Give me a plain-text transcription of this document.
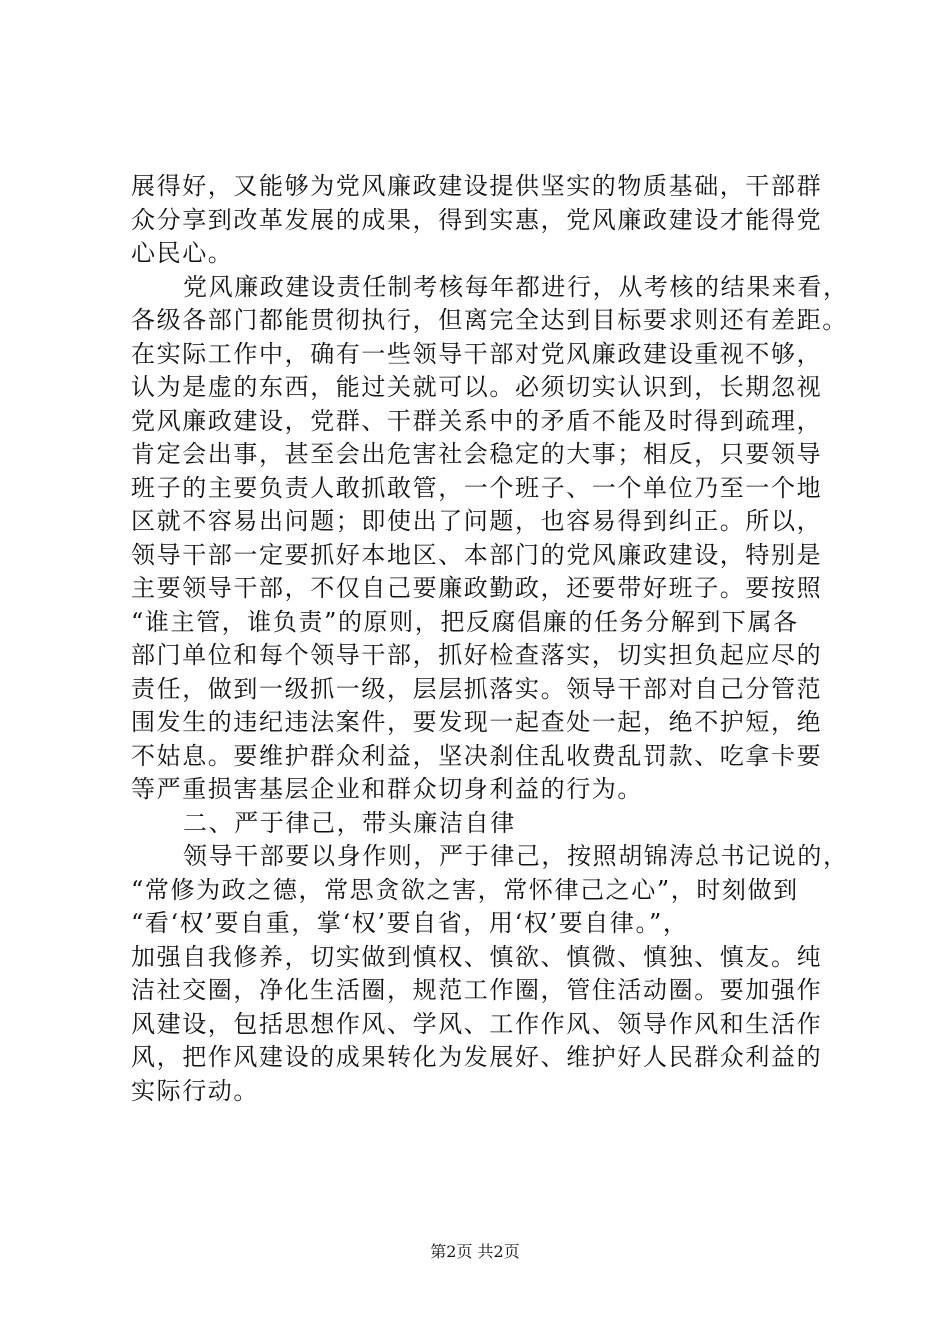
展得好，又能够为党风廉政建设提供坚实的物质基础，干部群
众分享到改革发展的成果，得到实惠，党风廉政建设才能得党
心民心。
党风廉政建设责任制考核每年都进行，从考核的结果来看，
各级各部门都能贯彻执行，但离完全达到目标要求则还有差距。
在实际工作中，确有一些领导干部对党风廉政建设重视不够，
认为是虚的东西，能过关就可以。必须切实认识到，长期忽视
党风廉政建设，党群、干群关系中的矛盾不能及时得到疏理，
肯定会出事，甚至会出危害社会稳定的大事；相反，只要领导
班子的主要负责人敢抓敢管，一个班子、一个单位乃至一个地
区就不容易出问题；即使出了问题，也容易得到纠正。所以，
领导干部一定要抓好本地区、本部门的党风廉政建设，特别是
主要领导干部，不仅自己要廉政勤政，还要带好班子。要按照
“谁主管，谁负责”的原则，把反腐倡廉的任务分解到下属各
部门单位和每个领导干部，抓好检查落实，切实担负起应尽的
责任，做到一级抓一级，层层抓落实。领导干部对自己分管范
围发生的违纪违法案件，要发现一起查处一起，绝不护短，绝
不姑息。要维护群众利益，坚决刹住乱收费乱罚款、吃拿卡要
等严重损害基层企业和群众切身利益的行为。
二、严于律己，带头廉洁自律
领导干部要以身作则，严于律己，按照胡锦涛总书记说的，
“常修为政之德，常思贪欲之害，常怀律己之心”，时刻做到
“看‘权’要自重，掌‘权’要自省，用‘权’要自律。”，
加强自我修养，切实做到慎权、慎欲、慎微、慎独、慎友。纯
洁社交圈，净化生活圈，规范工作圈，管住活动圈。要加强作
风建设，包括思想作风、学风、工作作风、领导作风和生活作
风，把作风建设的成果转化为发展好、维护好人民群众利益的
实际行动。
第2页 共2页
